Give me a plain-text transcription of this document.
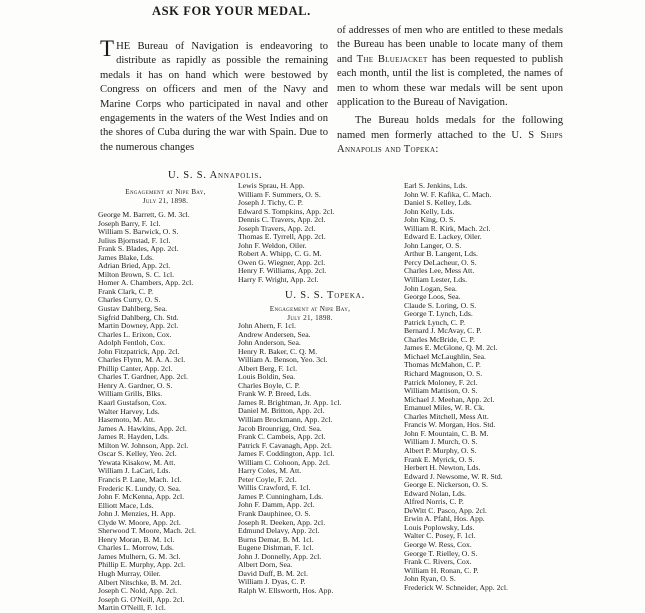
ASK FOR YOUR MEDAL.

THE Bureau of Navigation is endeavoring to distribute as rapidly as possible the remaining medals it has on hand which were bestowed by Congress on officers and men of the Navy and Marine Corps who participated in naval and other engagements in the waters of the West Indies and on the shores of Cuba during the war with Spain. Due to the numerous changes

of addresses of men who are entitled to these medals the Bureau has been unable to locate many of them and The Bluejacket has been requested to publish each month, until the list is completed, the names of men to whom these war medals will be sent upon application to the Bureau of Navigation.

The Bureau holds medals for the following named men formerly attached to the U. S Ships Annapolis and Topeka:

U. S. S. Annapolis.
Engagement at Nipe Bay,
July 21, 1898.
George M. Barrett, G. M. 3cl.
Joseph Barry, F. 1cl.
William S. Barwick, O. S.
Julius Bjornstad, F. 1cl.
Frank S. Blades, App. 2cl.
James Blake, Lds.
Adrian Bried, App. 2cl.
Milton Brown, S. C. 1cl.
Homer A. Chambers, App. 2cl.
Frank Clark, C. P.
Charles Curry, O. S.
Gustav Dahlberg, Sea.
Sigfrid Dahlberg, Ch. Std.
Martin Downey, App. 2cl.
Charles L. Erixon, Cox.
Adolph Fentloh, Cox.
John Fitzpatrick, App. 2cl.
Charles Flynn, M. A. A. 3cl.
Phillip Canter, App. 2cl.
Charles T. Gardner, App. 2cl.
Henry A. Gardner, O. S.
William Grills, Blks.
Kaarl Gustafson, Cox.
Walter Harvey, Lds.
Hasemoto, M. Att.
James A. Hawkins, App. 2cl.
James R. Hayden, Lds.
Milton W. Johnson, App. 2cl.
Oscar S. Kelley, Yeo. 2cl.
Yewata Kisakow, M. Att.
William J. LaCari, Lds.
Francis P. Lane, Mach. 1cl.
Frederic K. Lundy, O. Sea.
John F. McKenna, App. 2cl.
Elliott Mace, Lds.
John J. Menzies, H. App.
Clyde W. Moore, App. 2cl.
Sherwood T. Moore, Mach. 2cl.
Henry Moran, B. M. 1cl.
Charles L. Morrow, Lds.
James Mulhern, G. M. 3cl.
Phillip E. Murphy, App. 2cl.
Hugh Murray, Oiler.
Albert Nitschke, B. M. 2cl.
Joseph C. Nold, App. 2cl.
Joseph G. O'Neill, App. 2cl.
Martin O'Neill, F. 1cl.
Lewis Sprau, H. App.
William F. Summers, O. S.
Joseph J. Tichy, C. P.
Edward S. Tompkins, App. 2cl.
Dennis C. Travers, App. 2cl.
Joseph Travers, App. 2cl.
Thomas E. Tyrrell, App. 2cl.
John F. Weldon, Oiler.
Robert A. Whipp, C. G. M.
Owen G. Wiegner, App. 2cl.
Henry F. Williams, App. 2cl.
Harry F. Wright, App. 2cl.
U. S. S. Topeka.
Engagement at Nipe Bay,
July 21, 1898.
John Ahern, F. 1cl.
Andrew Andersen, Sea.
John Anderson, Sea.
Henry R. Baker, C. Q. M.
William A. Benson, Yeo. 3cl.
Albert Berg, F. 1cl.
Louis Boldin, Sea.
Charles Boyle, C. P.
Frank W. P. Breed, Lds.
James R. Brightman, Jr. App. 1cl.
Daniel M. Britton, App. 2cl.
William Brockmann, App. 2cl.
Jacob Brounrigg, Ord. Sea.
Frank C. Cambeis, App. 2cl.
Patrick F. Cavanagh, App. 2cl.
James F. Coddington, App. 1cl.
William C. Cohoon, App. 2cl.
Harry Coles, M. Att.
Peter Coyle, F. 2cl.
Willis Crawford, F. 1cl.
James P. Cunningham, Lds.
John F. Damm, App. 2cl.
Frank Dauphinee, O. S.
Joseph R. Deeken, App. 2cl.
Edmund Delavy, App. 2cl.
Burns Demar, B. M. 1cl.
Eugene Dishman, F. 1cl.
John J. Donnelly, App. 2cl.
Albert Dorn, Sea.
David Duff, B. M. 2cl.
William J. Dyas, C. P.
Ralph W. Ellsworth, Hos. App.
Earl S. Jenkins, Lds.
John W. F. Kafika, C. Mach.
Daniel S. Kelley, Lds.
John Kelly, Lds.
John King, O. S.
William R. Kirk, Mach. 2cl.
Edward E. Lackey, Oiler.
John Langer, O. S.
Arthur B. Langent, Lds.
Percy DeLacheur, O. S.
Charles Lee, Mess Att.
William Lester, Lds.
John Logan, Sea.
George Loos, Sea.
Claude S. Loring, O. S.
George T. Lynch, Lds.
Patrick Lynch, C. P.
Bernard J. McAvay, C. P.
Charles McBride, C. P.
James E. McGlone, Q. M. 2cl.
Michael McLaughlin, Sea.
Thomas McMahon, C. P.
Richard Magnuson, O. S.
Patrick Moloney, F. 2cl.
William Mattison, O. S.
Michael J. Meehan, App. 2cl.
Emanuel Miles, W. R. Ck.
Charles Mitchell, Mess Att.
Francis W. Morgan, Hos. Std.
John F. Mountain, C. B. M.
William J. Murch, O. S.
Albert P. Murphy, O. S.
Frank E. Myrick, O. S.
Herbert H. Newton, Lds.
Edward J. Newsome, W. R. Std.
George E. Nickerson, O. S.
Edward Nolan, Lds.
Alfred Norris, C. P.
DeWitt C. Pasco, App. 2cl.
Erwin A. Pfahl, Hos. App.
Louis Poplowsky, Lds.
Walter C. Posey, F. 1cl.
George W. Ress, Cox.
George T. Rielley, O. S.
Frank C. Rivers, Cox.
William H. Ronan, C. P.
John Ryan, O. S.
Frederick W. Schneider, App. 2cl.
